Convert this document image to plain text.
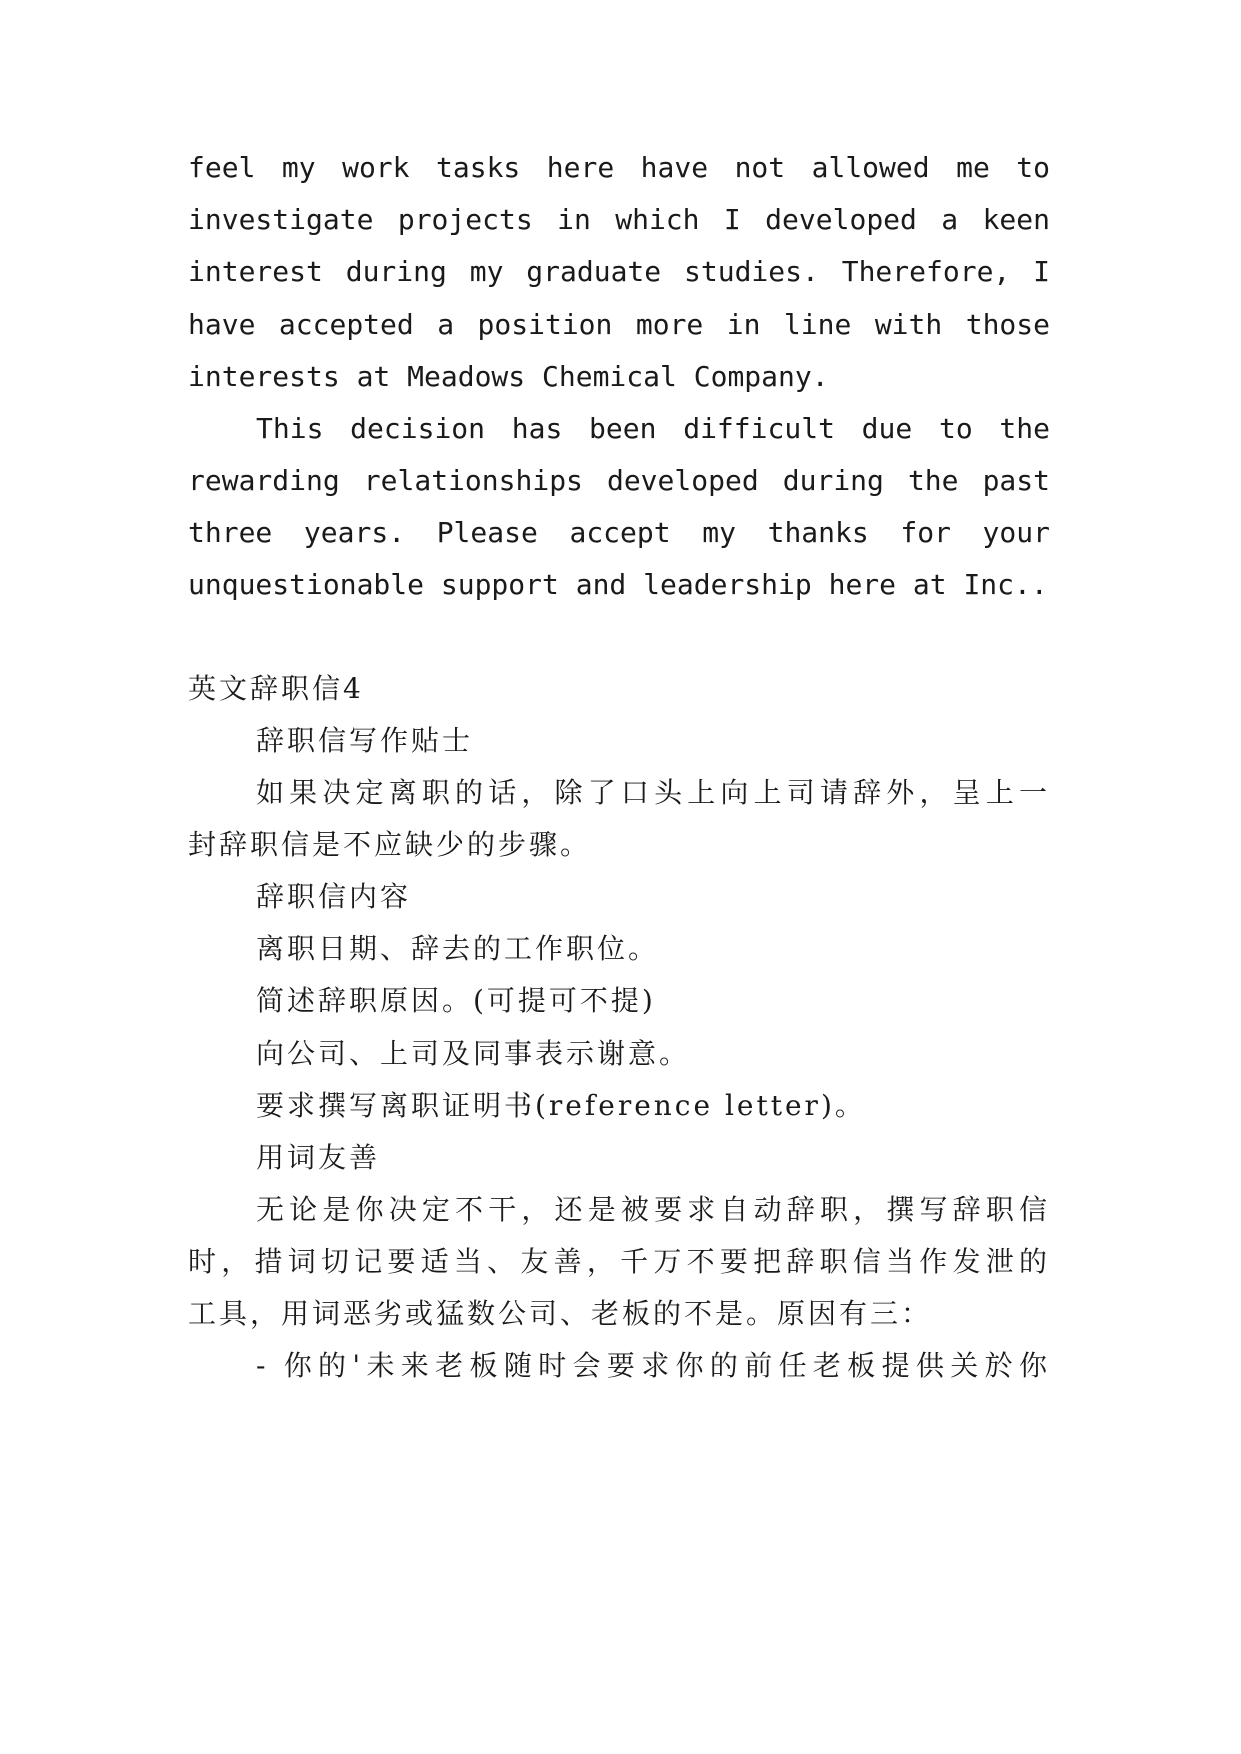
feel my work tasks here have not allowed me to
investigate projects in which I developed a keen
interest during my graduate studies. Therefore, I
have accepted a position more in line with those
interests at Meadows Chemical Company.
This decision has been difficult due to the
rewarding relationships developed during the past
three years. Please accept my thanks for your
unquestionable support and leadership here at Inc..
英文辞职信4
辞职信写作贴士
如果决定离职的话，除了口头上向上司请辞外，呈上一
封辞职信是不应缺少的步骤。
辞职信内容
离职日期、辞去的工作职位。
简述辞职原因。(可提可不提)
向公司、上司及同事表示谢意。
要求撰写离职证明书(reference letter)。
用词友善
无论是你决定不干，还是被要求自动辞职，撰写辞职信
时，措词切记要适当、友善，千万不要把辞职信当作发泄的
工具，用词恶劣或猛数公司、老板的不是。原因有三：
- 你的'未来老板随时会要求你的前任老板提供关於你
